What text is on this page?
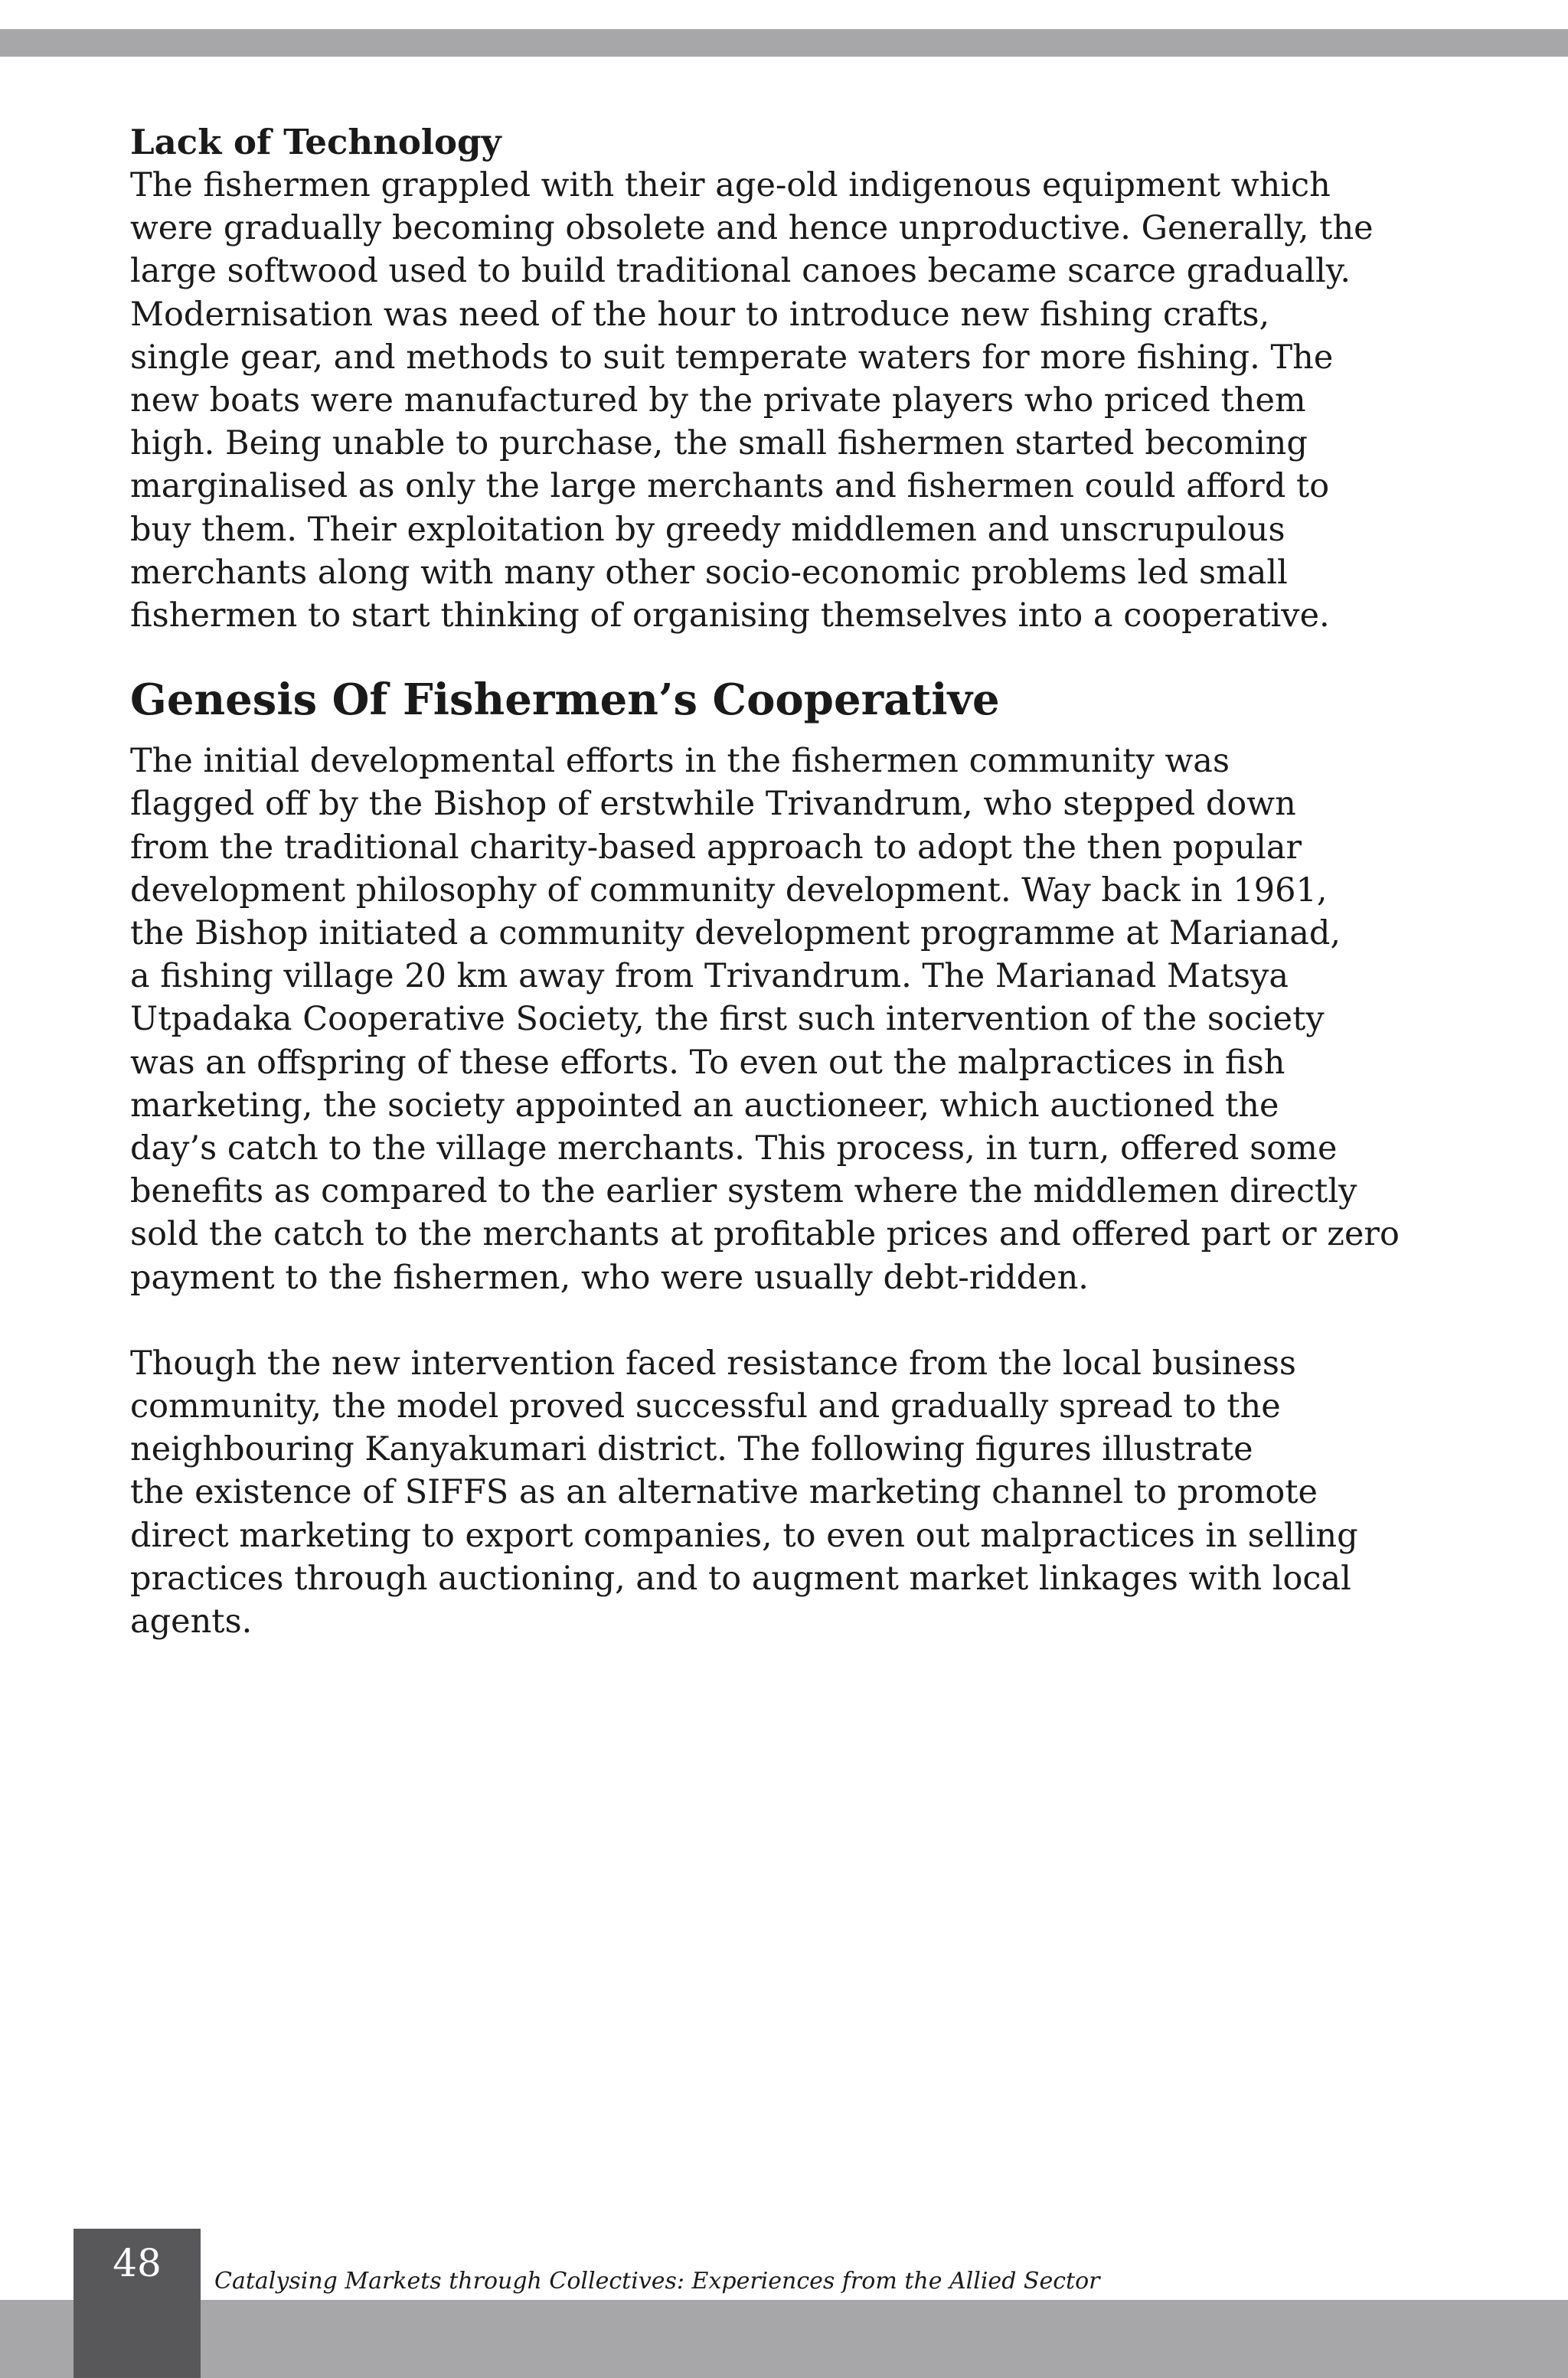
Lack of Technology

The fishermen grappled with their age-old indigenous equipment which
were gradually becoming obsolete and hence unproductive. Generally, the
large softwood used to build traditional canoes became scarce gradually.
Modernisation was need of the hour to introduce new fishing crafts,
single gear, and methods to suit temperate waters for more fishing. The
new boats were manufactured by the private players who priced them
high. Being unable to purchase, the small fishermen started becoming
marginalised as only the large merchants and fishermen could afford to
buy them. Their exploitation by greedy middlemen and unscrupulous
merchants along with many other socio-economic problems led small
fishermen to start thinking of organising themselves into a cooperative.

Genesis Of Fishermen’s Cooperative

The initial developmental efforts in the fishermen community was
flagged off by the Bishop of erstwhile Trivandrum, who stepped down
from the traditional charity-based approach to adopt the then popular
development philosophy of community development. Way back in 1961,
the Bishop initiated a community development programme at Marianad,
a fishing village 20 km away from Trivandrum. The Marianad Matsya
Utpadaka Cooperative Society, the first such intervention of the society
was an offspring of these efforts. To even out the malpractices in fish
marketing, the society appointed an auctioneer, which auctioned the
day’s catch to the village merchants. This process, in turn, offered some
benefits as compared to the earlier system where the middlemen directly
sold the catch to the merchants at profitable prices and offered part or zero
payment to the fishermen, who were usually debt-ridden.

Though the new intervention faced resistance from the local business
community, the model proved successful and gradually spread to the
neighbouring Kanyakumari district. The following figures illustrate
the existence of SIFFS as an alternative marketing channel to promote
direct marketing to export companies, to even out malpractices in selling
practices through auctioning, and to augment market linkages with local
agents.

48	Catalysing Markets through Collectives: Experiences from the Allied Sector
